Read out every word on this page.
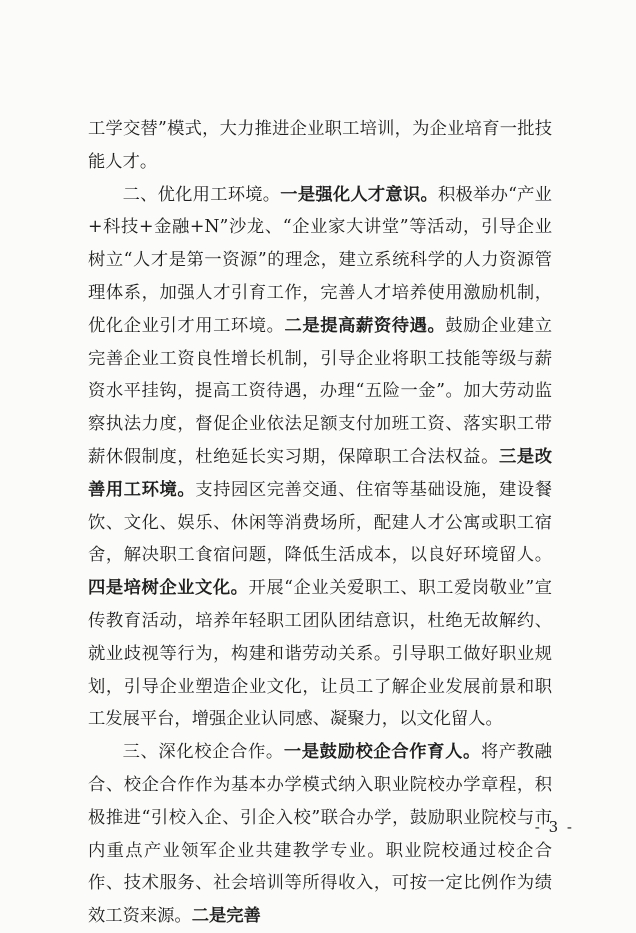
工学交替”模式，大力推进企业职工培训，为企业培育一批技能人才。

二、优化用工环境。一是强化人才意识。积极举办“产业+科技+金融+N”沙龙、“企业家大讲堂”等活动，引导企业树立“人才是第一资源”的理念，建立系统科学的人力资源管理体系，加强人才引育工作，完善人才培养使用激励机制，优化企业引才用工环境。二是提高薪资待遇。鼓励企业建立完善企业工资良性增长机制，引导企业将职工技能等级与薪资水平挂钩，提高工资待遇，办理“五险一金”。加大劳动监察执法力度，督促企业依法足额支付加班工资、落实职工带薪休假制度，杜绝延长实习期，保障职工合法权益。三是改善用工环境。支持园区完善交通、住宿等基础设施，建设餐饮、文化、娱乐、休闲等消费场所，配建人才公寓或职工宿舍，解决职工食宿问题，降低生活成本，以良好环境留人。四是培树企业文化。开展“企业关爱职工、职工爱岗敬业”宣传教育活动，培养年轻职工团队团结意识，杜绝无故解约、就业歧视等行为，构建和谐劳动关系。引导职工做好职业规划，引导企业塑造企业文化，让员工了解企业发展前景和职工发展平台，增强企业认同感、凝聚力，以文化留人。

三、深化校企合作。一是鼓励校企合作育人。将产教融合、校企合作作为基本办学模式纳入职业院校办学章程，积极推进“引校入企、引企入校”联合办学，鼓励职业院校与市内重点产业领军企业共建教学专业。职业院校通过校企合作、技术服务、社会培训等所得收入，可按一定比例作为绩效工资来源。二是完善

- 3 -
